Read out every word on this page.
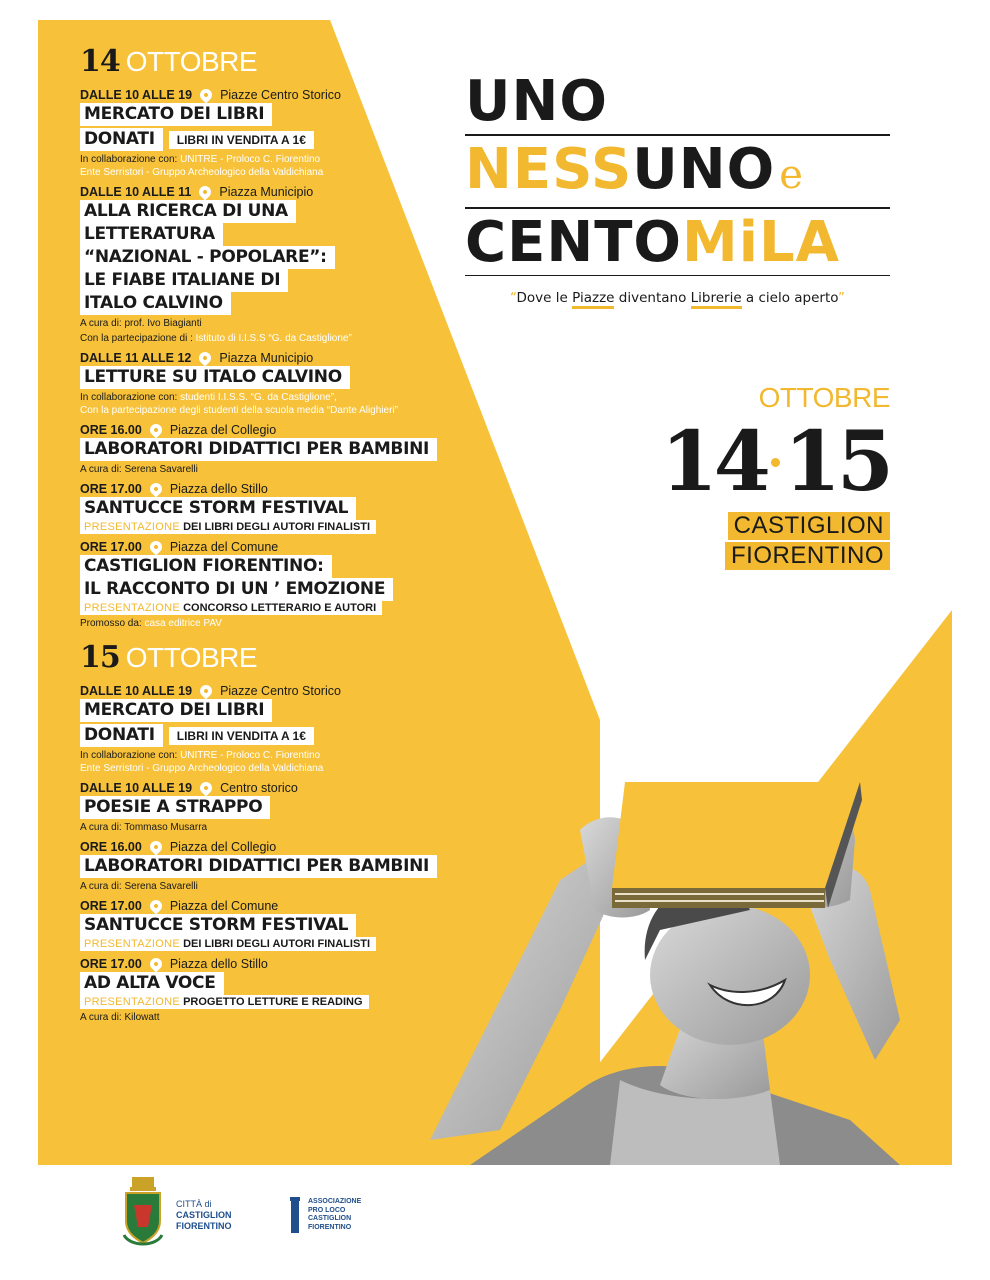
14 OTTOBRE
DALLE 10 ALLE 19 Piazze Centro Storico
MERCATO DEI LIBRI
DONATI	LIBRI IN VENDITA A 1€
In collaborazione con: UNITRE - Proloco C. Fiorentino
Ente Serristori - Gruppo Archeologico della Valdichiana
DALLE 10 ALLE 11 Piazza Municipio
ALLA RICERCA DI UNA
LETTERATURA
“NAZIONAL - POPOLARE”:
LE FIABE ITALIANE DI
ITALO CALVINO
A cura di: prof. Ivo Biagianti
Con la partecipazione di : Istituto di I.I.S.S “G. da Castiglione”
DALLE 11 ALLE 12 Piazza Municipio
LETTURE SU ITALO CALVINO
In collaborazione con: studenti I.I.S.S. “G. da Castiglione”,
Con la partecipazione degli studenti della scuola media “Dante Alighieri”
ORE 16.00 Piazza del Collegio
LABORATORI DIDATTICI PER BAMBINI
A cura di: Serena Savarelli
ORE 17.00 Piazza dello Stillo
SANTUCCE STORM FESTIVAL
PRESENTAZIONE DEI LIBRI DEGLI AUTORI FINALISTI
ORE 17.00 Piazza del Comune
CASTIGLION FIORENTINO:
IL RACCONTO DI UN ’ EMOZIONE
PRESENTAZIONE CONCORSO LETTERARIO E AUTORI
Promosso da: casa editrice PAV
15 OTTOBRE
DALLE 10 ALLE 19 Piazze Centro Storico
MERCATO DEI LIBRI
DONATI	LIBRI IN VENDITA A 1€
In collaborazione con: UNITRE - Proloco C. Fiorentino
Ente Serristori - Gruppo Archeologico della Valdichiana
DALLE 10 ALLE 19 Centro storico
POESIE A STRAPPO
A cura di: Tommaso Musarra
ORE 16.00 Piazza del Collegio
LABORATORI DIDATTICI PER BAMBINI
A cura di: Serena Savarelli
ORE 17.00 Piazza del Comune
SANTUCCE STORM FESTIVAL
PRESENTAZIONE DEI LIBRI DEGLI AUTORI FINALISTI
ORE 17.00 Piazza dello Stillo
AD ALTA VOCE
PRESENTAZIONE PROGETTO LETTURE E READING
A cura di: Kilowatt
UNO
NESSUNO e
CENTOMiLA
“Dove le Piazze diventano Librerie a cielo aperto”
OTTOBRE
14 15
CASTIGLION
FIORENTINO
CITTÀ di
CASTIGLION
FIORENTINO
ASSOCIAZIONE
PRO LOCO
CASTIGLION
FIORENTINO
